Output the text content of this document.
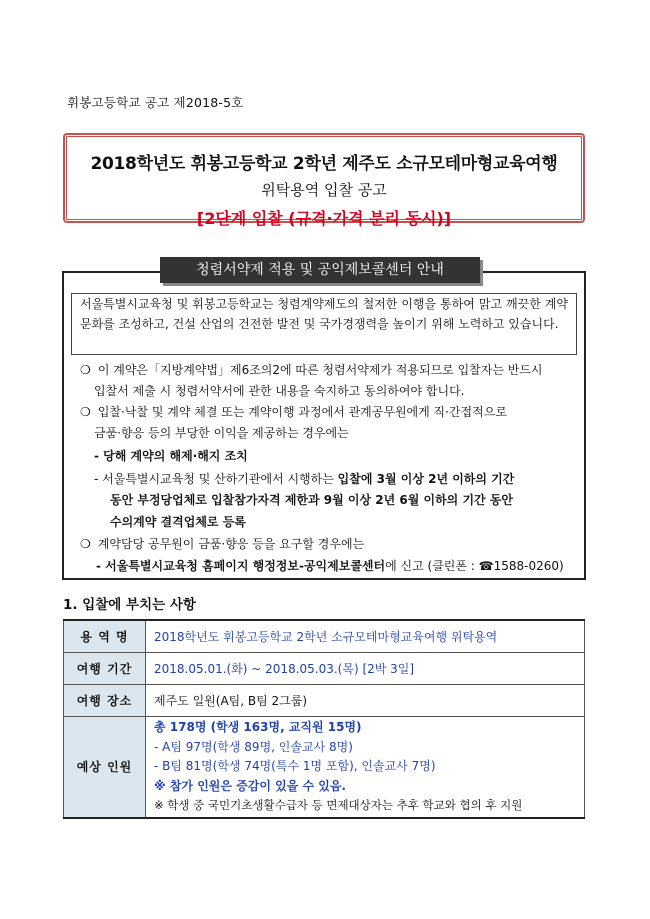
휘봉고등학교 공고 제2018-5호
2018학년도 휘봉고등학교 2학년 제주도 소규모테마형교육여행
위탁용역 입찰 공고
[2단계 입찰 (규격·가격 분리 동시)]
청렴서약제 적용 및 공익제보콜센터 안내
서울특별시교육청 및 휘봉고등학교는 청렴계약제도의 철저한 이행을 통하여 맑고 깨끗한 계약문화를 조성하고, 건설 산업의 건전한 발전 및 국가경쟁력을 높이기 위해 노력하고 있습니다.
❍ 이 계약은「지방계약법」제6조의2에 따른 청렴서약제가 적용되므로 입찰자는 반드시
입찰서 제출 시 청렴서약서에 관한 내용을 숙지하고 동의하여야 합니다.
❍ 입찰·낙찰 및 계약 체결 또는 계약이행 과정에서 관계공무원에게 직·간접적으로
금품·향응 등의 부당한 이익을 제공하는 경우에는
- 당해 계약의 해제·해지 조치
- 서울특별시교육청 및 산하기관에서 시행하는 입찰에 3월 이상 2년 이하의 기간
동안 부정당업체로 입찰참가자격 제한과 9월 이상 2년 6월 이하의 기간 동안
수의계약 결격업체로 등록
❍ 계약담당 공무원이 금품·향응 등을 요구할 경우에는
- 서울특별시교육청 홈페이지 행정정보-공익제보콜센터에 신고 (클린폰 : ☎1588-0260)
1. 입찰에 부치는 사항
용 역 명	2018학년도 휘봉고등학교 2학년 소규모테마형교육여행 위탁용역
여행 기간	2018.05.01.(화) ~ 2018.05.03.(목) [2박 3일]
여행 장소	제주도 일원(A팀, B팀 2그룹)
예상 인원	총 178명 (학생 163명, 교직원 15명)
- A팀 97명(학생 89명, 인솔교사 8명)
- B팀 81명(학생 74명(특수 1명 포함), 인솔교사 7명)
※ 참가 인원은 증감이 있을 수 있음.
※ 학생 중 국민기초생활수급자 등 면제대상자는 추후 학교와 협의 후 지원
